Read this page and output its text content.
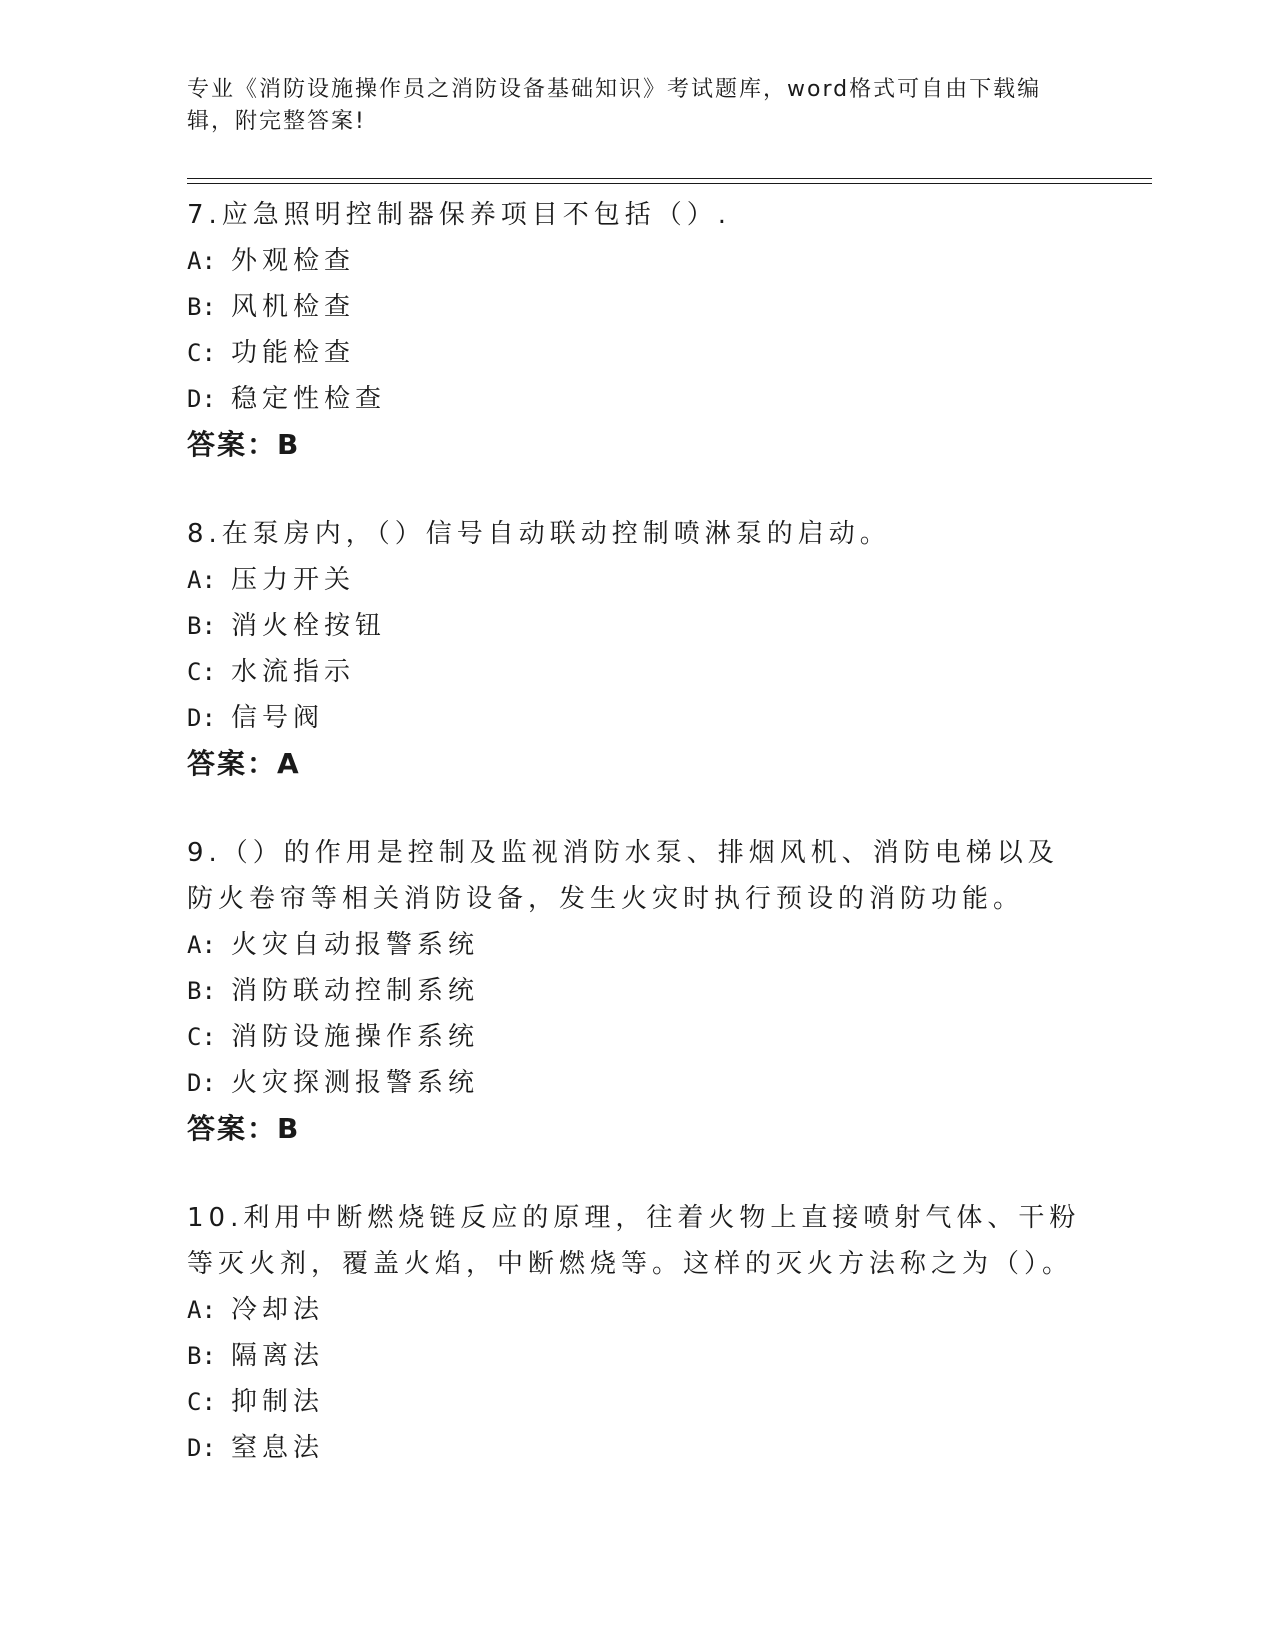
专业《消防设施操作员之消防设备基础知识》考试题库，word格式可自由下载编辑，附完整答案!

7.应急照明控制器保养项目不包括（）.

A: 外观检查

B: 风机检查

C: 功能检查

D: 稳定性检查

答案：B

8.在泵房内，（）信号自动联动控制喷淋泵的启动。

A: 压力开关

B: 消火栓按钮

C: 水流指示

D: 信号阀

答案：A

9.（）的作用是控制及监视消防水泵、排烟风机、消防电梯以及防火卷帘等相关消防设备，发生火灾时执行预设的消防功能。

A: 火灾自动报警系统

B: 消防联动控制系统

C: 消防设施操作系统

D: 火灾探测报警系统

答案：B

10.利用中断燃烧链反应的原理，往着火物上直接喷射气体、干粉等灭火剂，覆盖火焰，中断燃烧等。这样的灭火方法称之为（）。

A: 冷却法

B: 隔离法

C: 抑制法

D: 窒息法
